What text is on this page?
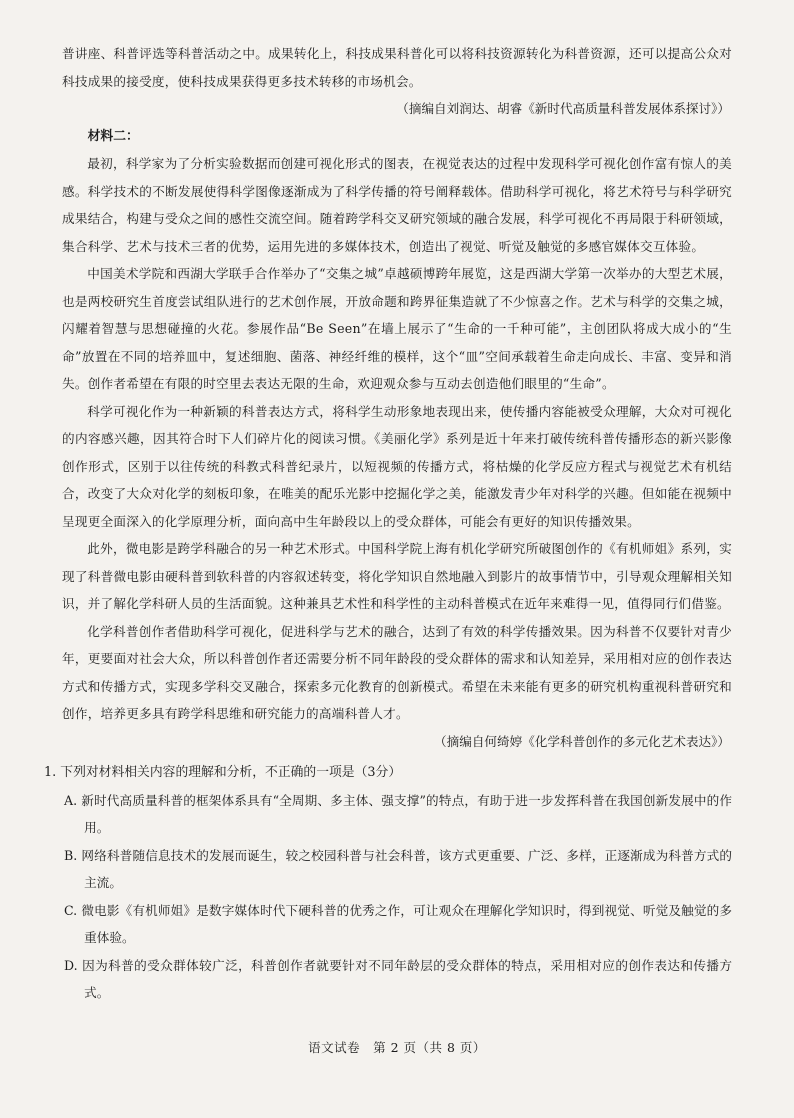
普讲座、科普评选等科普活动之中。成果转化上，科技成果科普化可以将科技资源转化为科普资源，还可以提高公众对科技成果的接受度，使科技成果获得更多技术转移的市场机会。

（摘编自刘润达、胡睿《新时代高质量科普发展体系探讨》）

材料二：

最初，科学家为了分析实验数据而创建可视化形式的图表，在视觉表达的过程中发现科学可视化创作富有惊人的美感。科学技术的不断发展使得科学图像逐渐成为了科学传播的符号阐释载体。借助科学可视化，将艺术符号与科学研究成果结合，构建与受众之间的感性交流空间。随着跨学科交叉研究领域的融合发展，科学可视化不再局限于科研领域，集合科学、艺术与技术三者的优势，运用先进的多媒体技术，创造出了视觉、听觉及触觉的多感官媒体交互体验。

中国美术学院和西湖大学联手合作举办了“交集之城”卓越硕博跨年展览，这是西湖大学第一次举办的大型艺术展，也是两校研究生首度尝试组队进行的艺术创作展，开放命题和跨界征集造就了不少惊喜之作。艺术与科学的交集之城，闪耀着智慧与思想碰撞的火花。参展作品“Be Seen”在墙上展示了“生命的一千种可能”，主创团队将成大成小的“生命”放置在不同的培养皿中，复述细胞、菌落、神经纤维的模样，这个“皿”空间承载着生命走向成长、丰富、变异和消失。创作者希望在有限的时空里去表达无限的生命，欢迎观众参与互动去创造他们眼里的“生命”。

科学可视化作为一种新颖的科普表达方式，将科学生动形象地表现出来，使传播内容能被受众理解，大众对可视化的内容感兴趣，因其符合时下人们碎片化的阅读习惯。《美丽化学》系列是近十年来打破传统科普传播形态的新兴影像创作形式，区别于以往传统的科教式科普纪录片，以短视频的传播方式，将枯燥的化学反应方程式与视觉艺术有机结合，改变了大众对化学的刻板印象，在唯美的配乐光影中挖掘化学之美，能激发青少年对科学的兴趣。但如能在视频中呈现更全面深入的化学原理分析，面向高中生年龄段以上的受众群体，可能会有更好的知识传播效果。

此外，微电影是跨学科融合的另一种艺术形式。中国科学院上海有机化学研究所破图创作的《有机师姐》系列，实现了科普微电影由硬科普到软科普的内容叙述转变，将化学知识自然地融入到影片的故事情节中，引导观众理解相关知识，并了解化学科研人员的生活面貌。这种兼具艺术性和科学性的主动科普模式在近年来难得一见，值得同行们借鉴。

化学科普创作者借助科学可视化，促进科学与艺术的融合，达到了有效的科学传播效果。因为科普不仅要针对青少年，更要面对社会大众，所以科普创作者还需要分析不同年龄段的受众群体的需求和认知差异，采用相对应的创作表达方式和传播方式，实现多学科交叉融合，探索多元化教育的创新模式。希望在未来能有更多的研究机构重视科普研究和创作，培养更多具有跨学科思维和研究能力的高端科普人才。

（摘编自何绮婷《化学科普创作的多元化艺术表达》）

1. 下列对材料相关内容的理解和分析，不正确的一项是（3分）

A. 新时代高质量科普的框架体系具有“全周期、多主体、强支撑”的特点，有助于进一步发挥科普在我国创新发展中的作用。

B. 网络科普随信息技术的发展而诞生，较之校园科普与社会科普，该方式更重要、广泛、多样，正逐渐成为科普方式的主流。

C. 微电影《有机师姐》是数字媒体时代下硬科普的优秀之作，可让观众在理解化学知识时，得到视觉、听觉及触觉的多重体验。

D. 因为科普的受众群体较广泛，科普创作者就要针对不同年龄层的受众群体的特点，采用相对应的创作表达和传播方式。

语文试卷　第 2 页（共 8 页）
